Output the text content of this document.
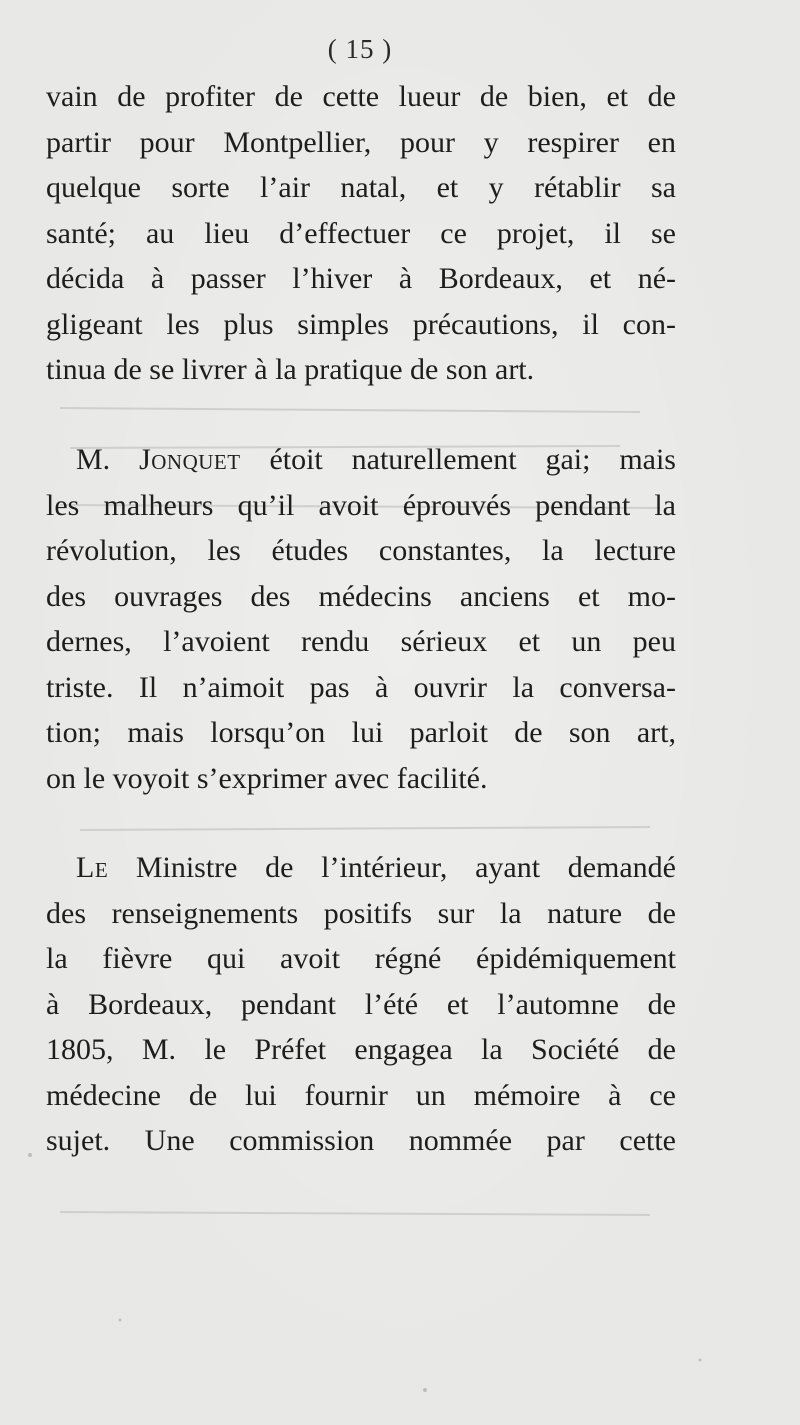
( 15 )
vain de profiter de cette lueur de bien, et de
partir pour Montpellier, pour y respirer en
quelque sorte l’air natal, et y rétablir sa
santé; au lieu d’effectuer ce projet, il se
décida à passer l’hiver à Bordeaux, et né-
gligeant les plus simples précautions, il con-
tinua de se livrer à la pratique de son art.
M. Jonquet étoit naturellement gai; mais
les malheurs qu’il avoit éprouvés pendant la
révolution, les études constantes, la lecture
des ouvrages des médecins anciens et mo-
dernes, l’avoient rendu sérieux et un peu
triste. Il n’aimoit pas à ouvrir la conversa-
tion; mais lorsqu’on lui parloit de son art,
on le voyoit s’exprimer avec facilité.
Le Ministre de l’intérieur, ayant demandé
des renseignements positifs sur la nature de
la fièvre qui avoit régné épidémiquement
à Bordeaux, pendant l’été et l’automne de
1805, M. le Préfet engagea la Société de
médecine de lui fournir un mémoire à ce
sujet. Une commission nommée par cette
